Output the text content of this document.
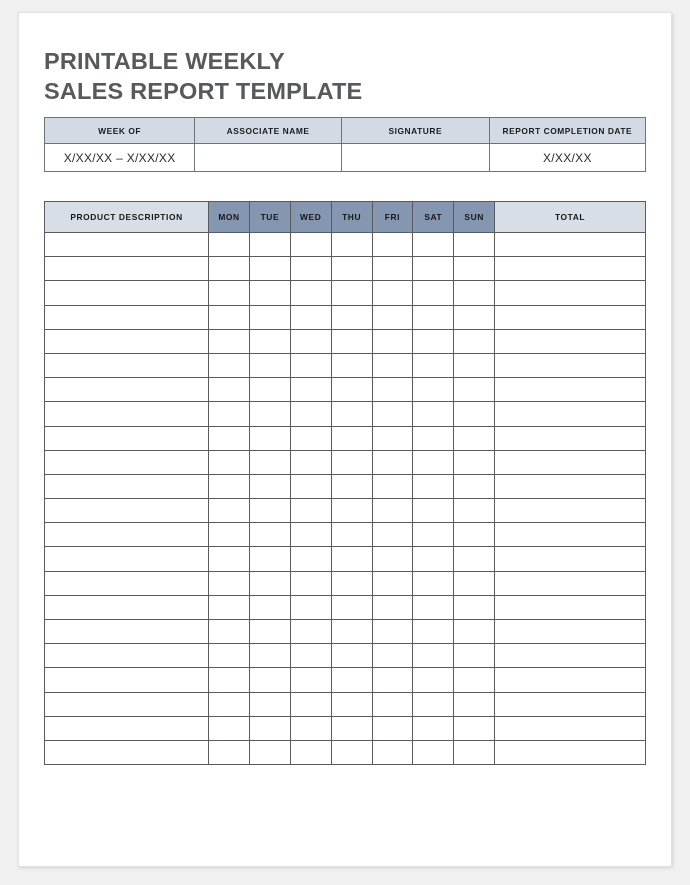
PRINTABLE WEEKLY
SALES REPORT TEMPLATE
WEEK OF	ASSOCIATE NAME	SIGNATURE	REPORT COMPLETION DATE
X/XX/XX – X/XX/XX			X/XX/XX
PRODUCT DESCRIPTION	MON	TUE	WED	THU	FRI	SAT	SUN	TOTAL
